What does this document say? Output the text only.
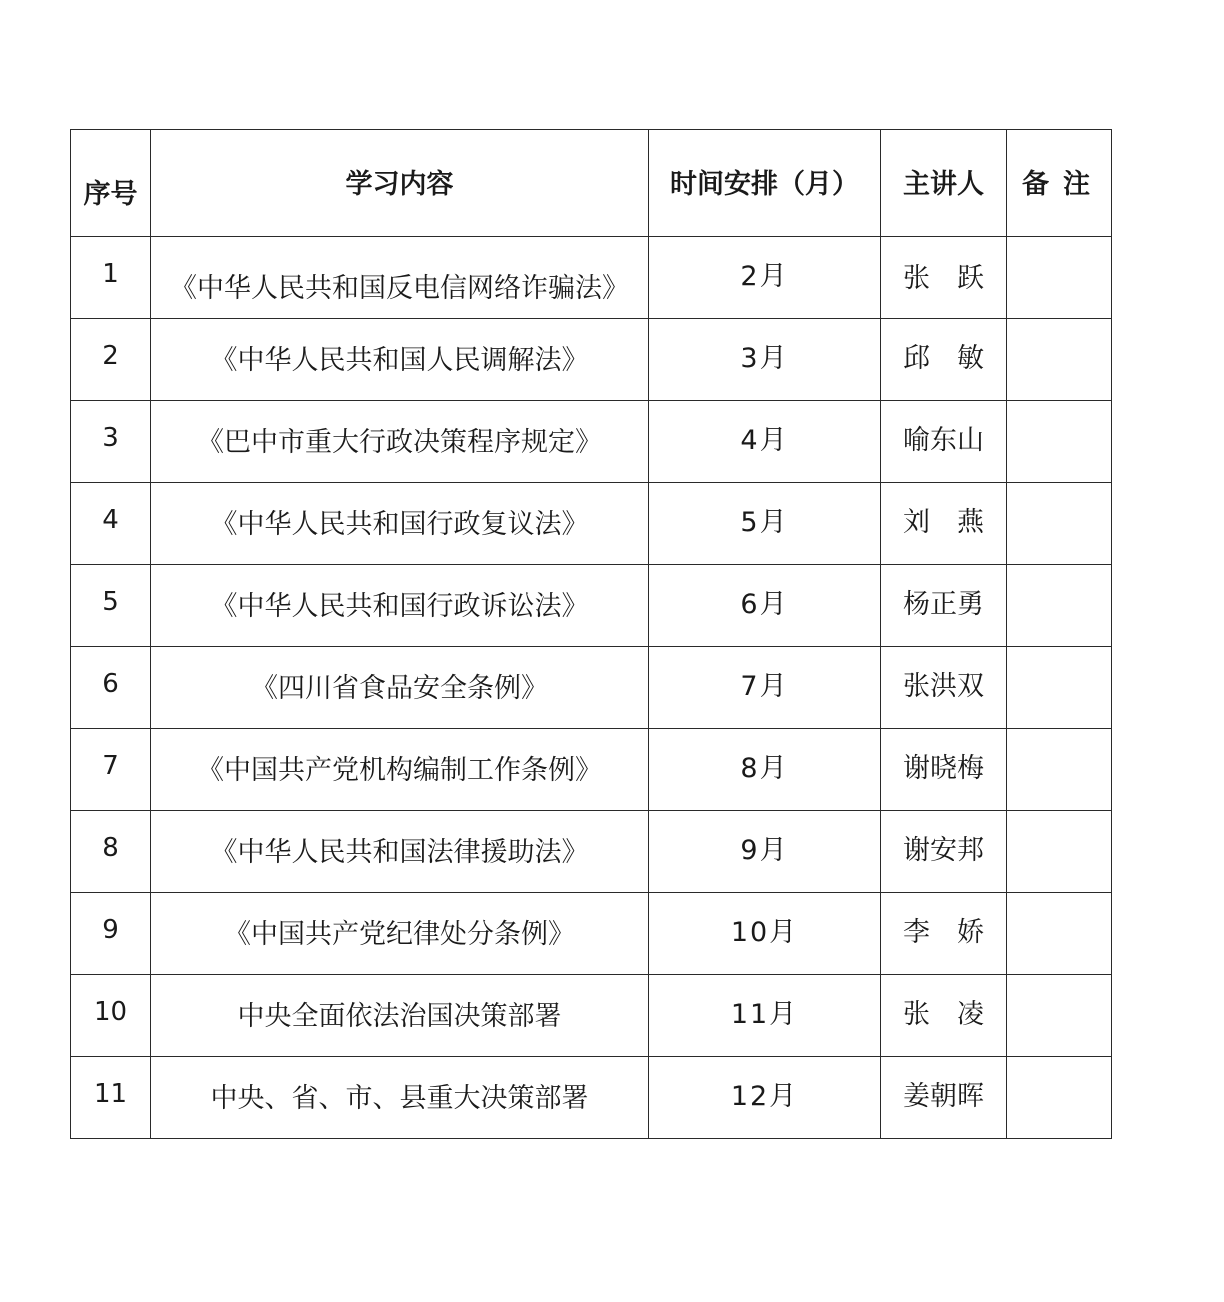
序号	学习内容	时间安排（月）	主讲人	备注
1	《中华人民共和国反电信网络诈骗法》	2月	张　跃	
2	《中华人民共和国人民调解法》	3月	邱　敏	
3	《巴中市重大行政决策程序规定》	4月	喻东山	
4	《中华人民共和国行政复议法》	5月	刘　燕	
5	《中华人民共和国行政诉讼法》	6月	杨正勇	
6	《四川省食品安全条例》	7月	张洪双	
7	《中国共产党机构编制工作条例》	8月	谢晓梅	
8	《中华人民共和国法律援助法》	9月	谢安邦	
9	《中国共产党纪律处分条例》	10月	李　娇	
10	中央全面依法治国决策部署	11月	张　凌	
11	中央、省、市、县重大决策部署	12月	姜朝晖	
